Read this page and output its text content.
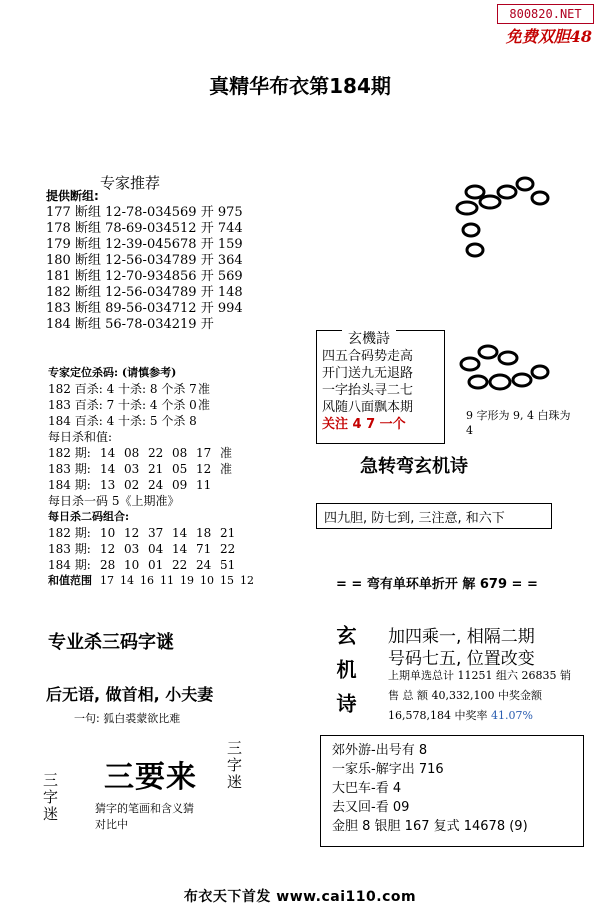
800820.NET
免费双胆48
真精华布衣第184期
专家推荐
提供断组:
177 断组 12-78-034569 开 975
178 断组 78-69-034512 开 744
179 断组 12-39-045678 开 159
180 断组 12-56-034789 开 364
181 断组 12-70-934856 开 569
182 断组 12-56-034789 开 148
183 断组 89-56-034712 开 994
184 断组 56-78-034219 开
专家定位杀码: (请慎参考)
182 百杀: 4 十杀: 8 个杀 7 准
183 百杀: 7 十杀: 4 个杀 0 准
184 百杀: 4 十杀: 5 个杀 8
每日杀和值:
182 期: 14 08 22 08 17 准
183 期: 14 03 21 05 12 准
184 期: 13 02 24 09 11
每日杀一码 5《上期准》
每日杀二码组合:
182 期: 10 12 37 14 18 21
183 期: 12 03 04 14 71 22
184 期: 28 10 01 22 24 51
和值范围 17 14 16 11 19 10 15 12
专业杀三码字谜
后无语, 做首相, 小夫妻
一句: 狐白裘蒙欲比难
三字迷
三字迷
三要来
猜字的笔画和含义猜
对比中
玄機詩
四五合码势走高
开门送九无退路
一字抬头寻二七
风随八面飘本期
关注 4 7 一个
9 字形为 9, 4 白珠为 4
急转弯玄机诗
四九胆, 防七到, 三注意, 和六下
= = 弯有单环单折开 解 679 = =
玄机诗 加四乘一, 相隔二期
号码七五, 位置改变
上期单选总计 11251 组六 26835 销
售 总 额 40,332,100 中奖金额
16,578,184 中奖率 41.07%
郊外游-出号有 8
一家乐-解字出 716
大巴车-看 4
去又回-看 09
金胆 8 银胆 167 复式 14678 (9)
布衣天下首发 www.cai110.com
